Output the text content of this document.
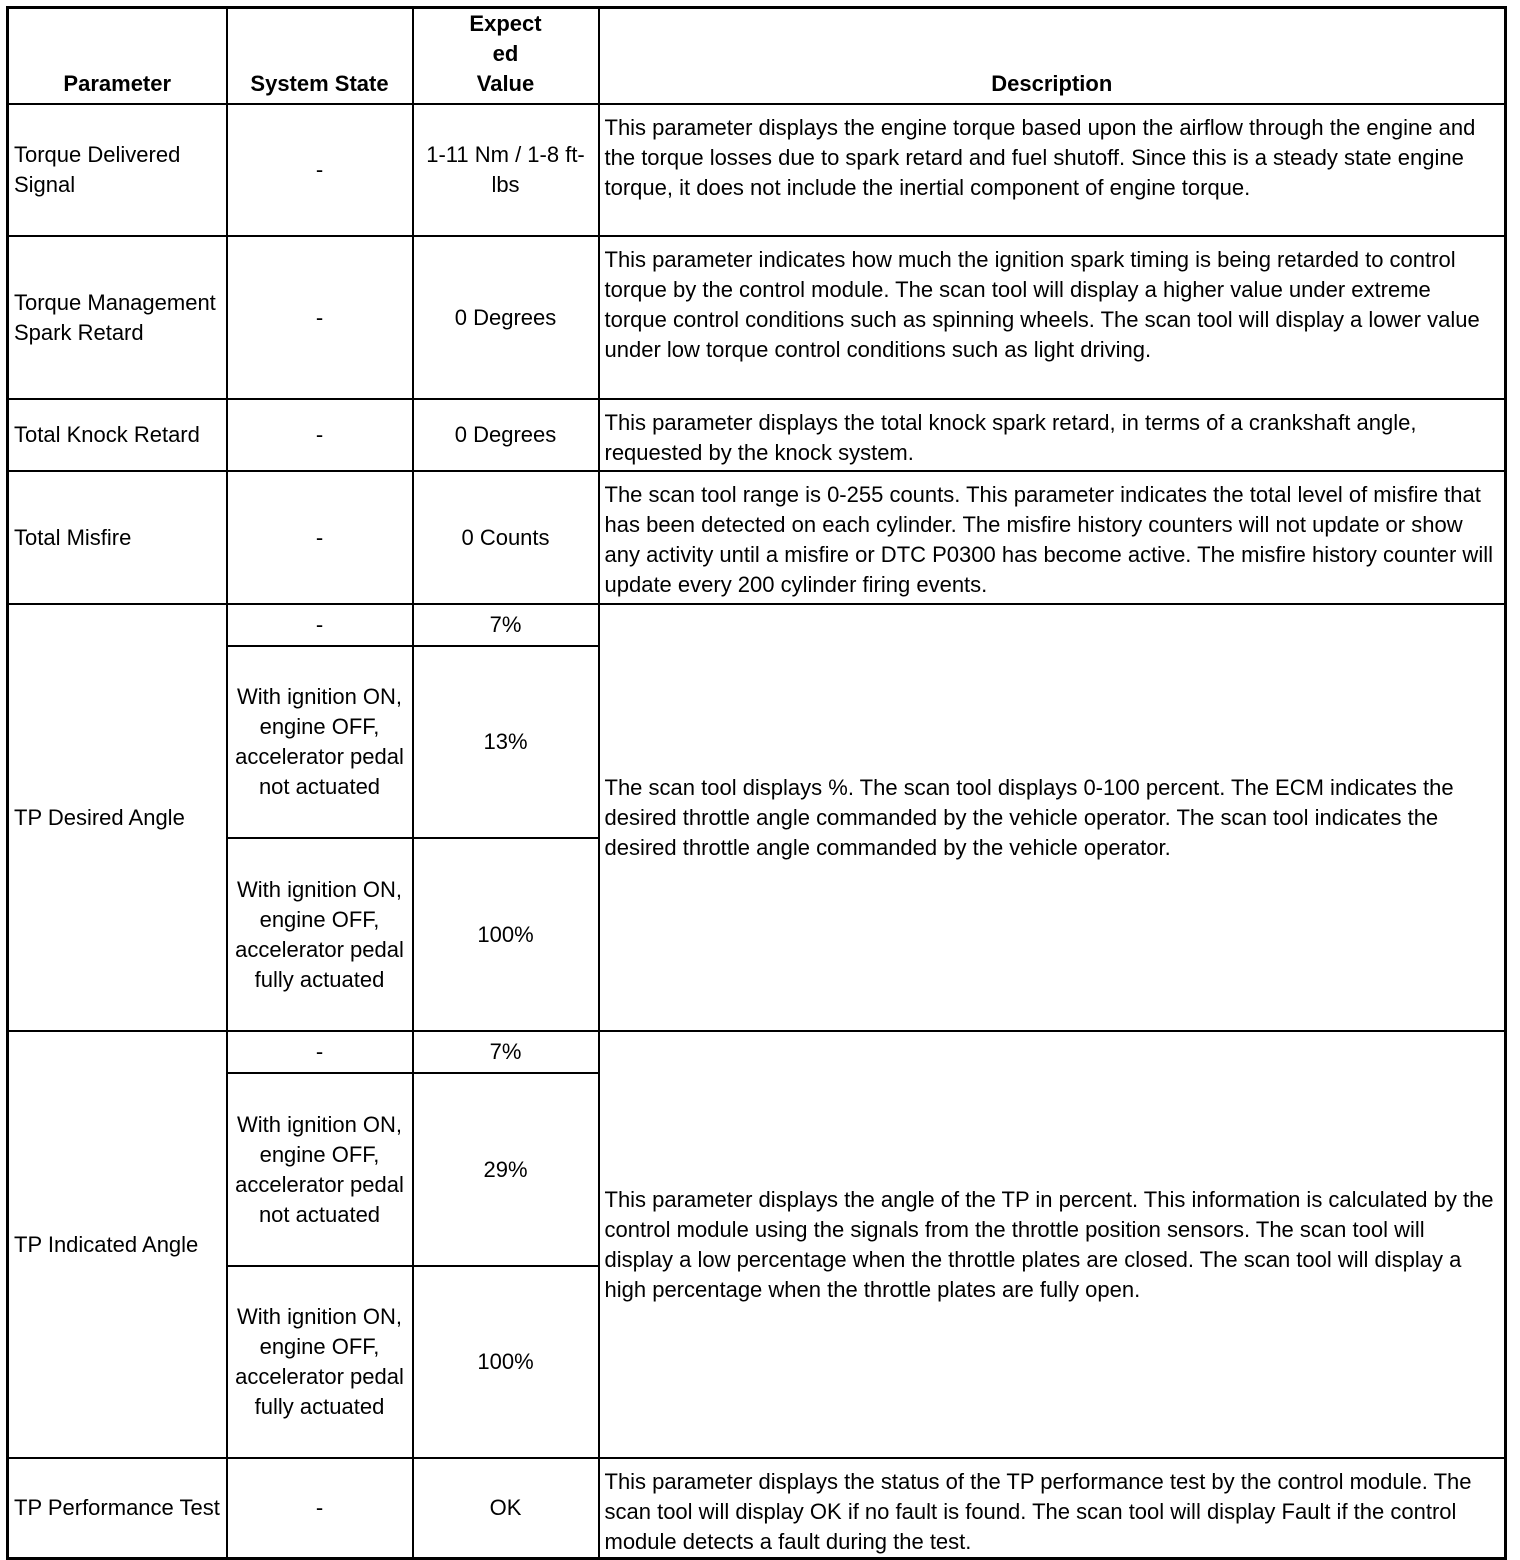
Parameter	System State	Expected Value	Description
Torque Delivered Signal	-	1-11 Nm / 1-8 ft-lbs	This parameter displays the engine torque based upon the airflow through the engine and the torque losses due to spark retard and fuel shutoff. Since this is a steady state engine torque, it does not include the inertial component of engine torque.
Torque Management Spark Retard	-	0 Degrees	This parameter indicates how much the ignition spark timing is being retarded to control torque by the control module. The scan tool will display a higher value under extreme torque control conditions such as spinning wheels. The scan tool will display a lower value under low torque control conditions such as light driving.
Total Knock Retard	-	0 Degrees	This parameter displays the total knock spark retard, in terms of a crankshaft angle, requested by the knock system.
Total Misfire	-	0 Counts	The scan tool range is 0-255 counts. This parameter indicates the total level of misfire that has been detected on each cylinder. The misfire history counters will not update or show any activity until a misfire or DTC P0300 has become active. The misfire history counter will update every 200 cylinder firing events.
TP Desired Angle	-	7%	The scan tool displays %. The scan tool displays 0-100 percent. The ECM indicates the desired throttle angle commanded by the vehicle operator. The scan tool indicates the desired throttle angle commanded by the vehicle operator.
	With ignition ON, engine OFF, accelerator pedal not actuated	13%	
	With ignition ON, engine OFF, accelerator pedal fully actuated	100%	
TP Indicated Angle	-	7%	This parameter displays the angle of the TP in percent. This information is calculated by the control module using the signals from the throttle position sensors. The scan tool will display a low percentage when the throttle plates are closed. The scan tool will display a high percentage when the throttle plates are fully open.
	With ignition ON, engine OFF, accelerator pedal not actuated	29%	
	With ignition ON, engine OFF, accelerator pedal fully actuated	100%	
TP Performance Test	-	OK	This parameter displays the status of the TP performance test by the control module. The scan tool will display OK if no fault is found. The scan tool will display Fault if the control module detects a fault during the test.
